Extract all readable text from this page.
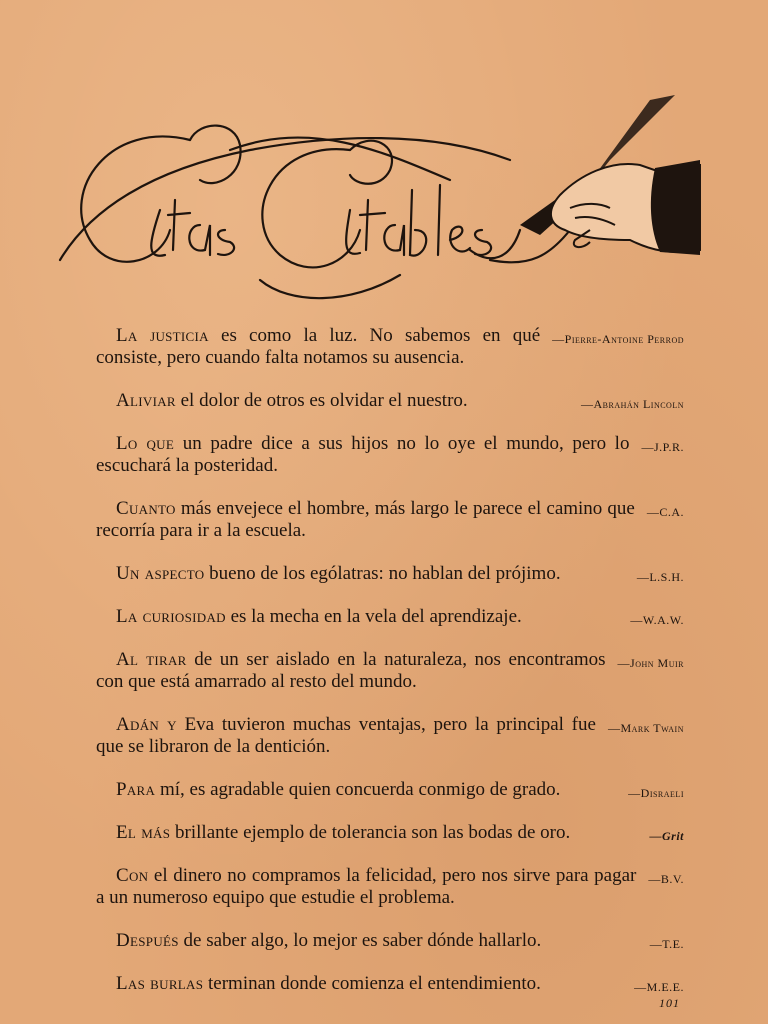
—Pierre-Antoine Perrod
La justicia es como la luz. No sabemos en qué consiste, pero cuando falta notamos su ausencia.

—Abrahán Lincoln
Aliviar el dolor de otros es olvidar el nuestro.

—J.P.R.
Lo que un padre dice a sus hijos no lo oye el mundo, pero lo escuchará la posteridad.

—C.A.
Cuanto más envejece el hombre, más largo le parece el camino que recorría para ir a la escuela.

—L.S.H.
Un aspecto bueno de los ególatras: no hablan del prójimo.

—W.A.W.
La curiosidad es la mecha en la vela del aprendizaje.

—John Muir
Al tirar de un ser aislado en la naturaleza, nos encontramos con que está amarrado al resto del mundo.

—Mark Twain
Adán y Eva tuvieron muchas ventajas, pero la principal fue que se libraron de la dentición.

—Disraeli
Para mí, es agradable quien concuerda conmigo de grado.

—Grit
El más brillante ejemplo de tolerancia son las bodas de oro.

—B.V.
Con el dinero no compramos la felicidad, pero nos sirve para pagar a un numeroso equipo que estudie el problema.

—T.E.
Después de saber algo, lo mejor es saber dónde hallarlo.

—M.E.E.
Las burlas terminan donde comienza el entendimiento.

101
